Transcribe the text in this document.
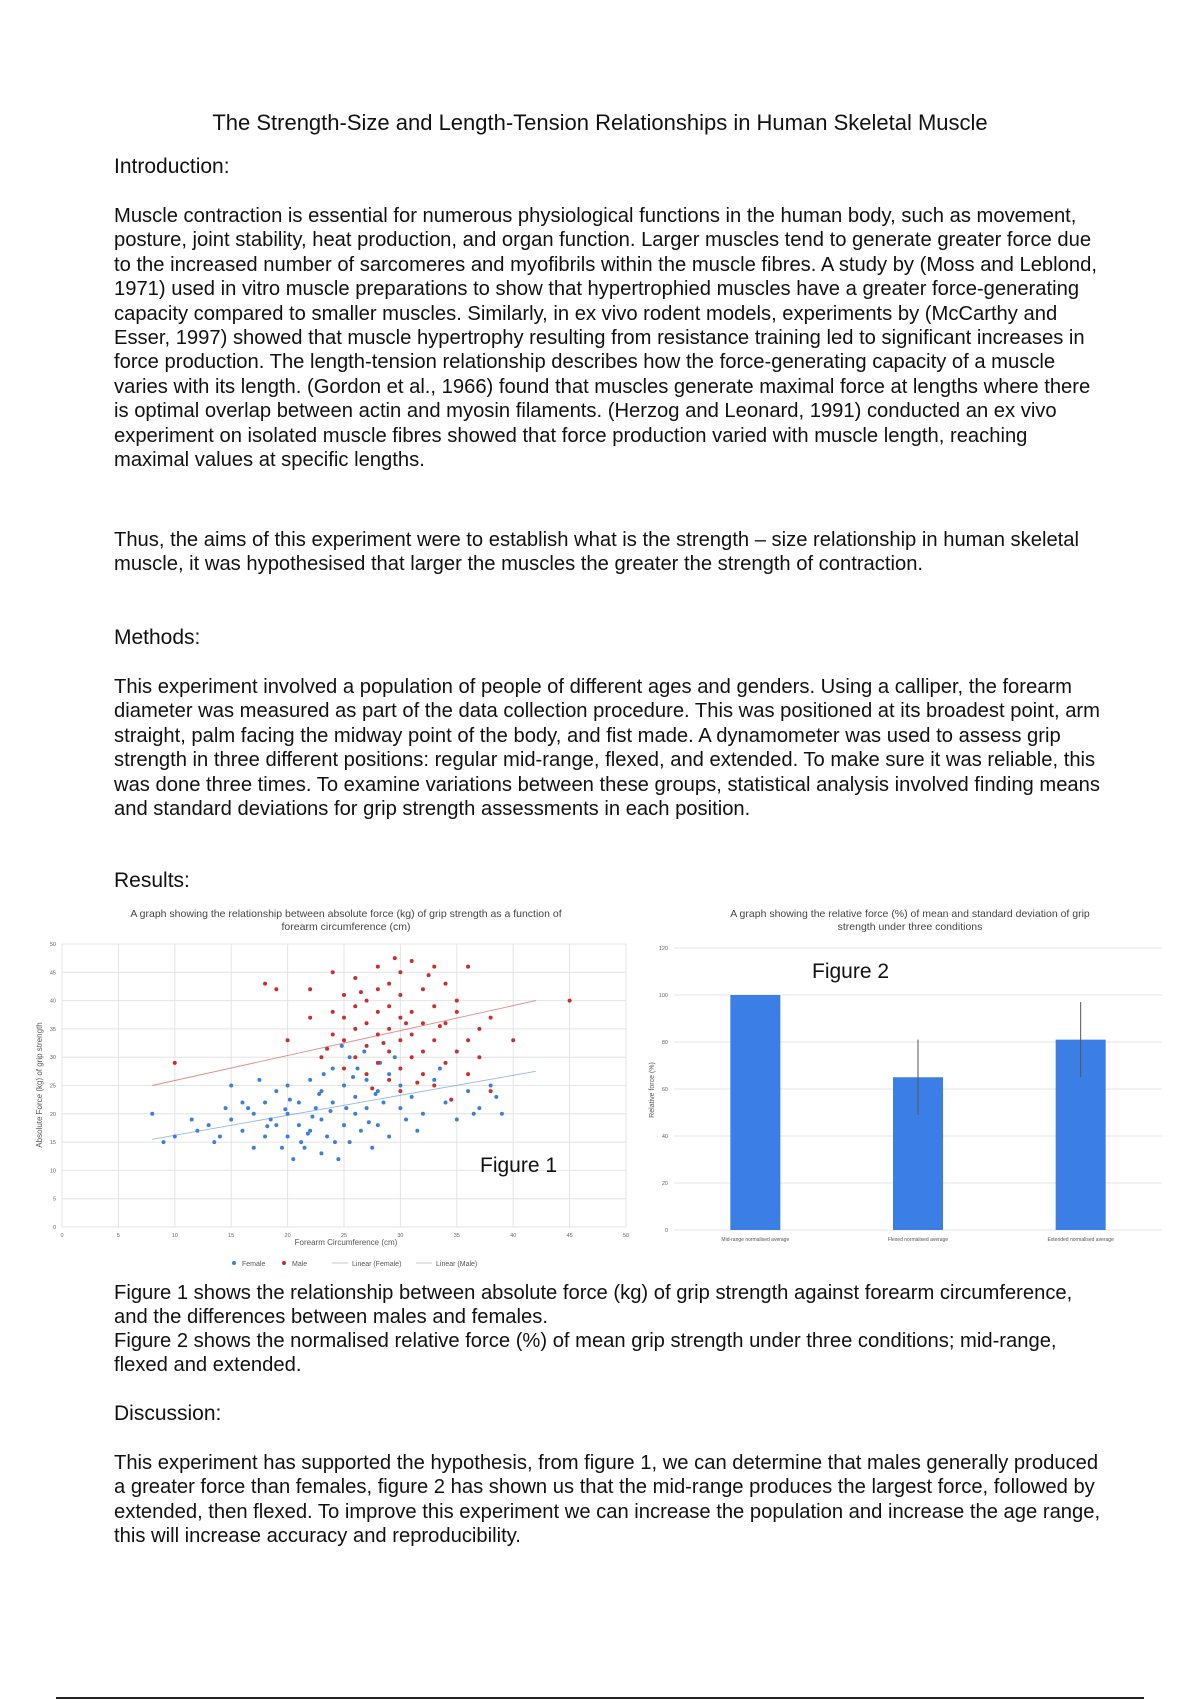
The Strength-Size and Length-Tension Relationships in Human Skeletal Muscle
Introduction:

Muscle contraction is essential for numerous physiological functions in the human body, such as movement, posture, joint stability, heat production, and organ function. Larger muscles tend to generate greater force due to the increased number of sarcomeres and myofibrils within the muscle fibres. A study by (Moss and Leblond, 1971) used in vitro muscle preparations to show that hypertrophied muscles have a greater force-generating capacity compared to smaller muscles. Similarly, in ex vivo rodent models, experiments by (McCarthy and Esser, 1997) showed that muscle hypertrophy resulting from resistance training led to significant increases in force production. The length-tension relationship describes how the force-generating capacity of a muscle varies with its length. (Gordon et al., 1966) found that muscles generate maximal force at lengths where there is optimal overlap between actin and myosin filaments. (Herzog and Leonard, 1991) conducted an ex vivo experiment on isolated muscle fibres showed that force production varied with muscle length, reaching maximal values at specific lengths.

Thus, the aims of this experiment were to establish what is the strength – size relationship in human skeletal muscle, it was hypothesised that larger the muscles the greater the strength of contraction.

Methods:

This experiment involved a population of people of different ages and genders. Using a calliper, the forearm diameter was measured as part of the data collection procedure. This was positioned at its broadest point, arm straight, palm facing the midway point of the body, and fist made. A dynamometer was used to assess grip strength in three different positions: regular mid-range, flexed, and extended. To make sure it was reliable, this was done three times. To examine variations between these groups, statistical analysis involved finding means and standard deviations for grip strength assessments in each position.

Results:
A graph showing the relationship between absolute force (kg) of grip strength as a function of
forearm circumference (cm)
0
5
10
15
20
25
30
35
40
45
50
0	5	10	15	20	25	30	35	40	45	50
Forearm Circumference (cm)
Absolute Force (kg) of grip strength
Female	Male	Linear (Female)	Linear (Male)
Figure 1
A graph showing the relative force (%) of mean and standard deviation of grip
strength under three conditions
0
20
40
60
80
100
120
Mid-range normalised average	Flexed normalised average	Extended normalised average
Relative force (%)
Figure 2

Figure 1 shows the relationship between absolute force (kg) of grip strength against forearm circumference, and the differences between males and females.

Figure 2 shows the normalised relative force (%) of mean grip strength under three conditions; mid-range, flexed and extended.

Discussion:

This experiment has supported the hypothesis, from figure 1, we can determine that males generally produced a greater force than females, figure 2 has shown us that the mid-range produces the largest force, followed by extended, then flexed. To improve this experiment we can increase the population and increase the age range, this will increase accuracy and reproducibility.
